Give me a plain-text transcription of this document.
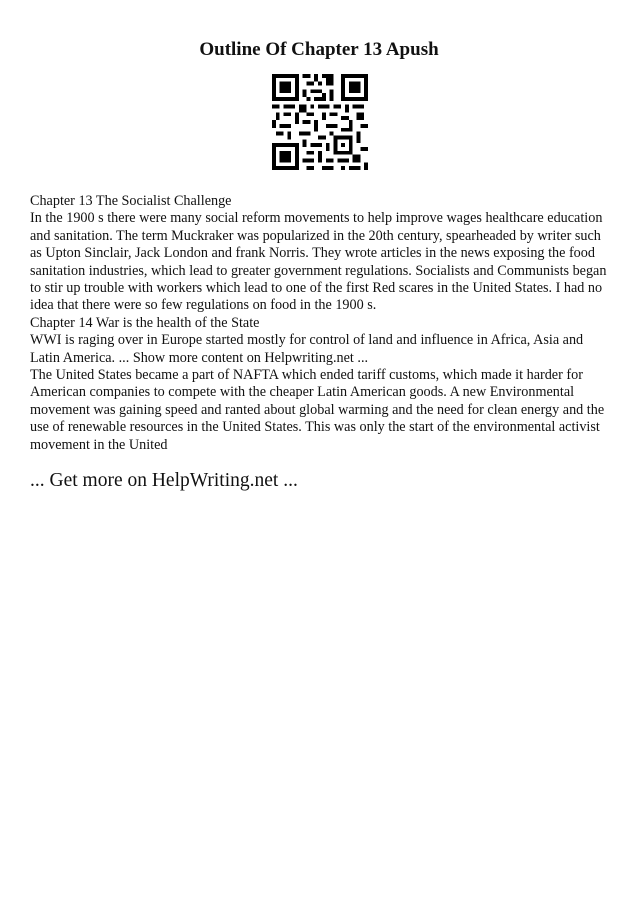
Outline Of Chapter 13 Apush

Chapter 13 The Socialist Challenge

In the 1900 s there were many social reform movements to help improve wages healthcare education and sanitation. The term Muckraker was popularized in the 20th century, spearheaded by writer such as Upton Sinclair, Jack London and frank Norris. They wrote articles in the news exposing the food sanitation industries, which lead to greater government regulations. Socialists and Communists began to stir up trouble with workers which lead to one of the first Red scares in the United States. I had no idea that there were so few regulations on food in the 1900 s.

Chapter 14 War is the health of the State

WWI is raging over in Europe started mostly for control of land and influence in Africa, Asia and Latin America. ... Show more content on Helpwriting.net ...

The United States became a part of NAFTA which ended tariff customs, which made it harder for American companies to compete with the cheaper Latin American goods. A new Environmental movement was gaining speed and ranted about global warming and the need for clean energy and the use of renewable resources in the United States. This was only the start of the environmental activist movement in the United

... Get more on HelpWriting.net ...
